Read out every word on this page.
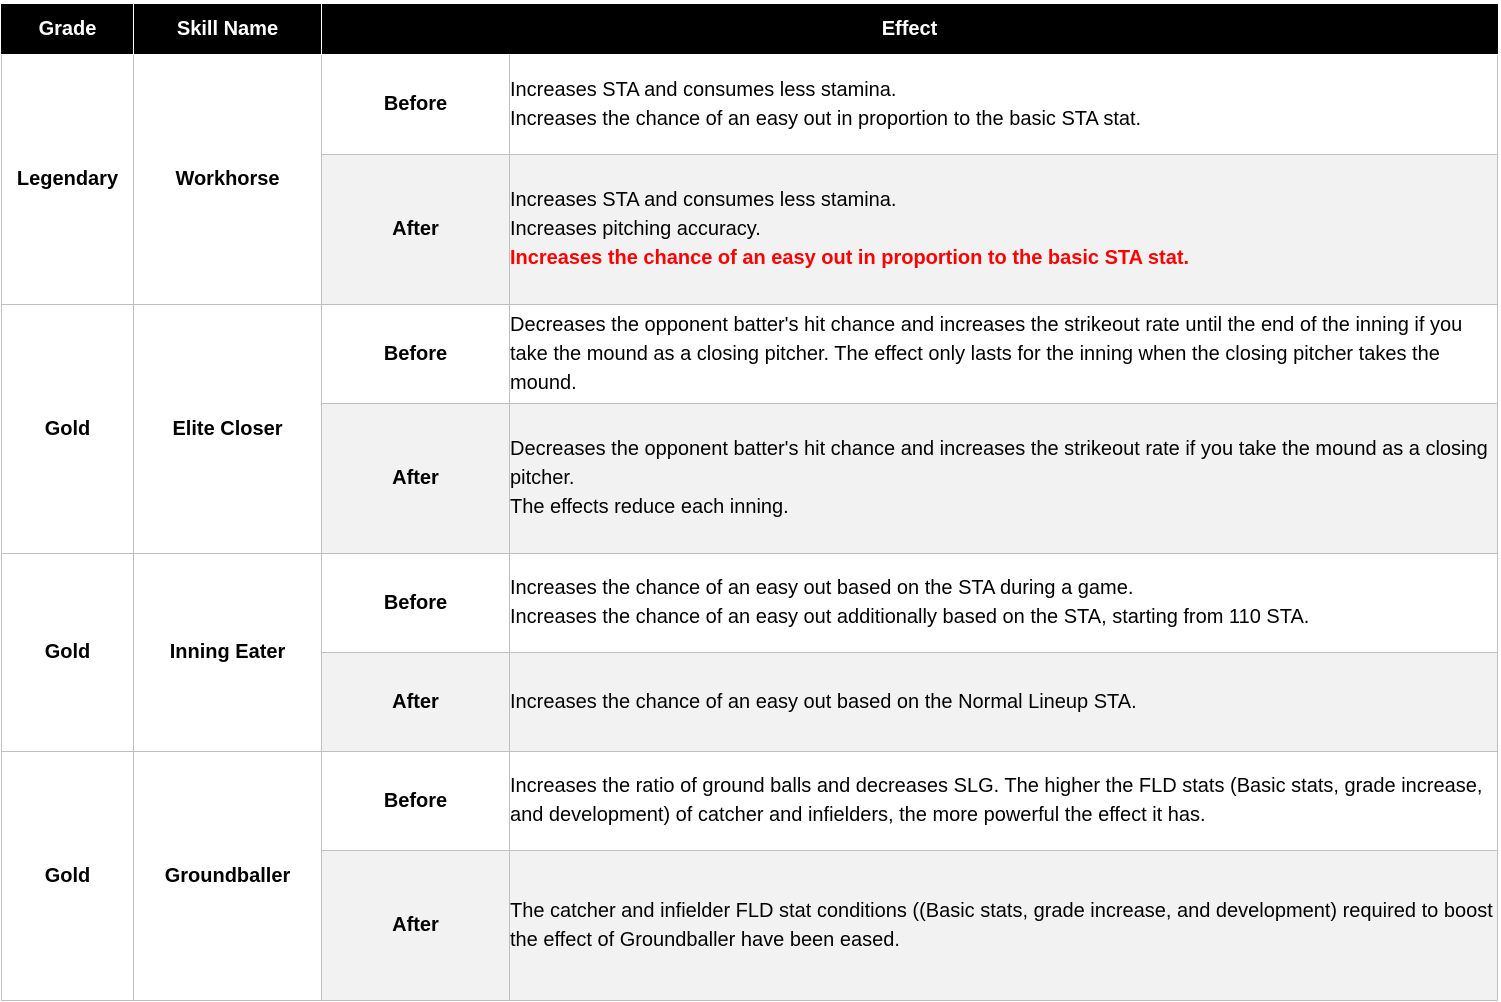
Grade	Skill Name	Effect	
Legendary	Workhorse	Before	Increases STA and consumes less stamina.
Increases the chance of an easy out in proportion to the basic STA stat.

		After	Increases STA and consumes less stamina.
Increases pitching accuracy.
Increases the chance of an easy out in proportion to the basic STA stat.

Gold	Elite Closer	Before	Decreases the opponent batter's hit chance and increases the strikeout rate until the end of the inning if you take the mound as a closing pitcher. The effect only lasts for the inning when the closing pitcher takes the mound.

		After	Decreases the opponent batter's hit chance and increases the strikeout rate if you take the mound as a closing pitcher.
The effects reduce each inning.

Gold	Inning Eater	Before	Increases the chance of an easy out based on the STA during a game.
Increases the chance of an easy out additionally based on the STA, starting from 110 STA.

		After	Increases the chance of an easy out based on the Normal Lineup STA.

Gold	Groundballer	Before	Increases the ratio of ground balls and decreases SLG. The higher the FLD stats (Basic stats, grade increase, and development) of catcher and infielders, the more powerful the effect it has.

		After	The catcher and infielder FLD stat conditions ((Basic stats, grade increase, and development) required to boost the effect of Groundballer have been eased.
